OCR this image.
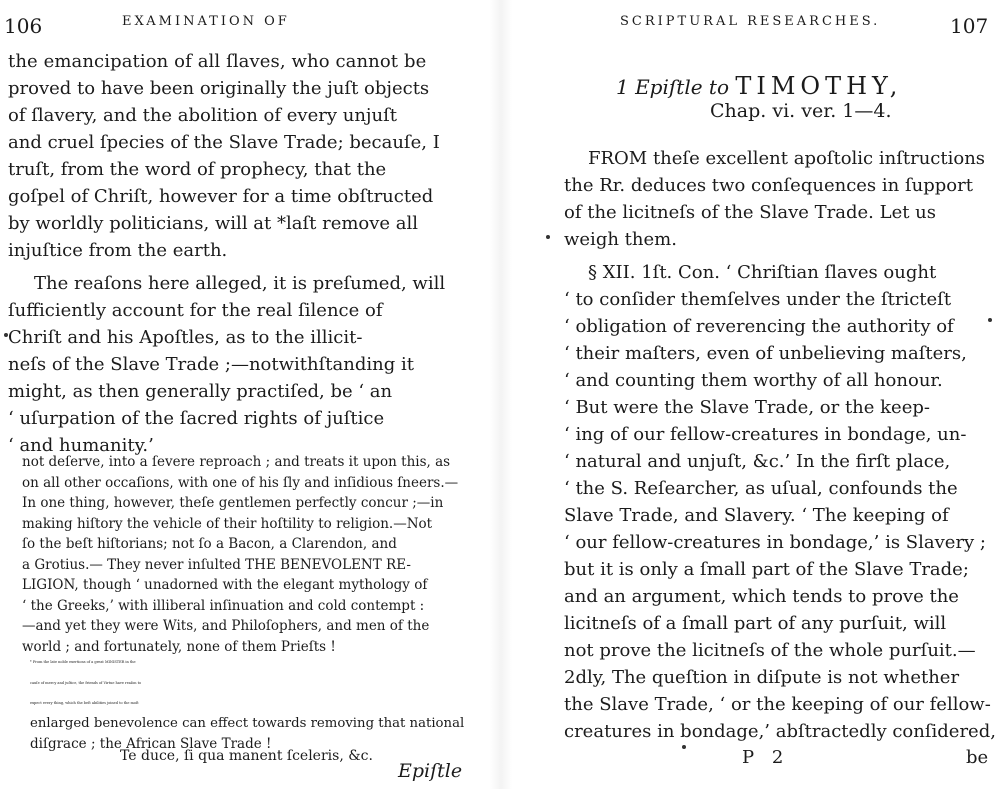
106	EXAMINATION OF
the emancipation of all ſlaves, who cannot be
proved to have been originally the juſt objects
of ſlavery, and the abolition of every unjuſt
and cruel ſpecies of the Slave Trade; becauſe, I
truſt, from the word of prophecy, that the
goſpel of Chriſt, however for a time obſtructed
by worldly politicians, will at *laſt remove all
injuſtice from the earth.
The reaſons here alleged, it is preſumed, will
ſufficiently account for the real ſilence of
Chriſt and his Apoſtles, as to the illicit-
neſs of the Slave Trade ;—notwithſtanding it
might, as then generally practiſed, be ‘ an
‘ uſurpation of the ſacred rights of juſtice
‘ and humanity.’
not deſerve, into a ſevere reproach ; and treats it upon this, as
on all other occaſions, with one of his ſly and inſidious ſneers.—
In one thing, however, theſe gentlemen perfectly concur ;—in
making hiſtory the vehicle of their hoſtility to religion.—Not
ſo the beſt hiſtorians; not ſo a Bacon, a Clarendon, and
a Grotius.— They never inſulted THE BENEVOLENT RE-
LIGION, though ‘ unadorned with the elegant mythology of
‘ the Greeks,’ with illiberal inſinuation and cold contempt :
—and yet they were Wits, and Philoſophers, and men of the
world ; and fortunately, none of them Prieſts !
* From the late noble exertions of a great MINISTER in the
cauſe of mercy and juſtice, the friends of Virtue have reaſon to
expect every thing, which the beſt abilities joined to the moſt
enlarged benevolence can effect towards removing that national
diſgrace ; the African Slave Trade !
Te duce, ſi qua manent ſceleris, &c.
Epiſtle
SCRIPTURAL RESEARCHES.	107
1 Epiſtle to TIMOTHY,
Chap. vi. ver. 1—4.
FROM theſe excellent apoſtolic inſtructions
the Rr. deduces two conſequences in ſupport
of the licitneſs of the Slave Trade. Let us
weigh them.
§ XII. 1ſt. Con. ‘ Chriſtian ſlaves ought
‘ to conſider themſelves under the ſtricteſt
‘ obligation of reverencing the authority of
‘ their maſters, even of unbelieving maſters,
‘ and counting them worthy of all honour.
‘ But were the Slave Trade, or the keep-
‘ ing of our fellow-creatures in bondage, un-
‘ natural and unjuſt, &c.’ In the firſt place,
‘ the S. Reſearcher, as uſual, confounds the
Slave Trade, and Slavery. ‘ The keeping of
‘ our fellow-creatures in bondage,’ is Slavery ;
but it is only a ſmall part of the Slave Trade;
and an argument, which tends to prove the
licitneſs of a ſmall part of any purſuit, will
not prove the licitneſs of the whole purſuit.—
2dly, The queſtion in diſpute is not whether
the Slave Trade, ‘ or the keeping of our fellow-
creatures in bondage,’ abſtractedly conſidered,
P 2	be
